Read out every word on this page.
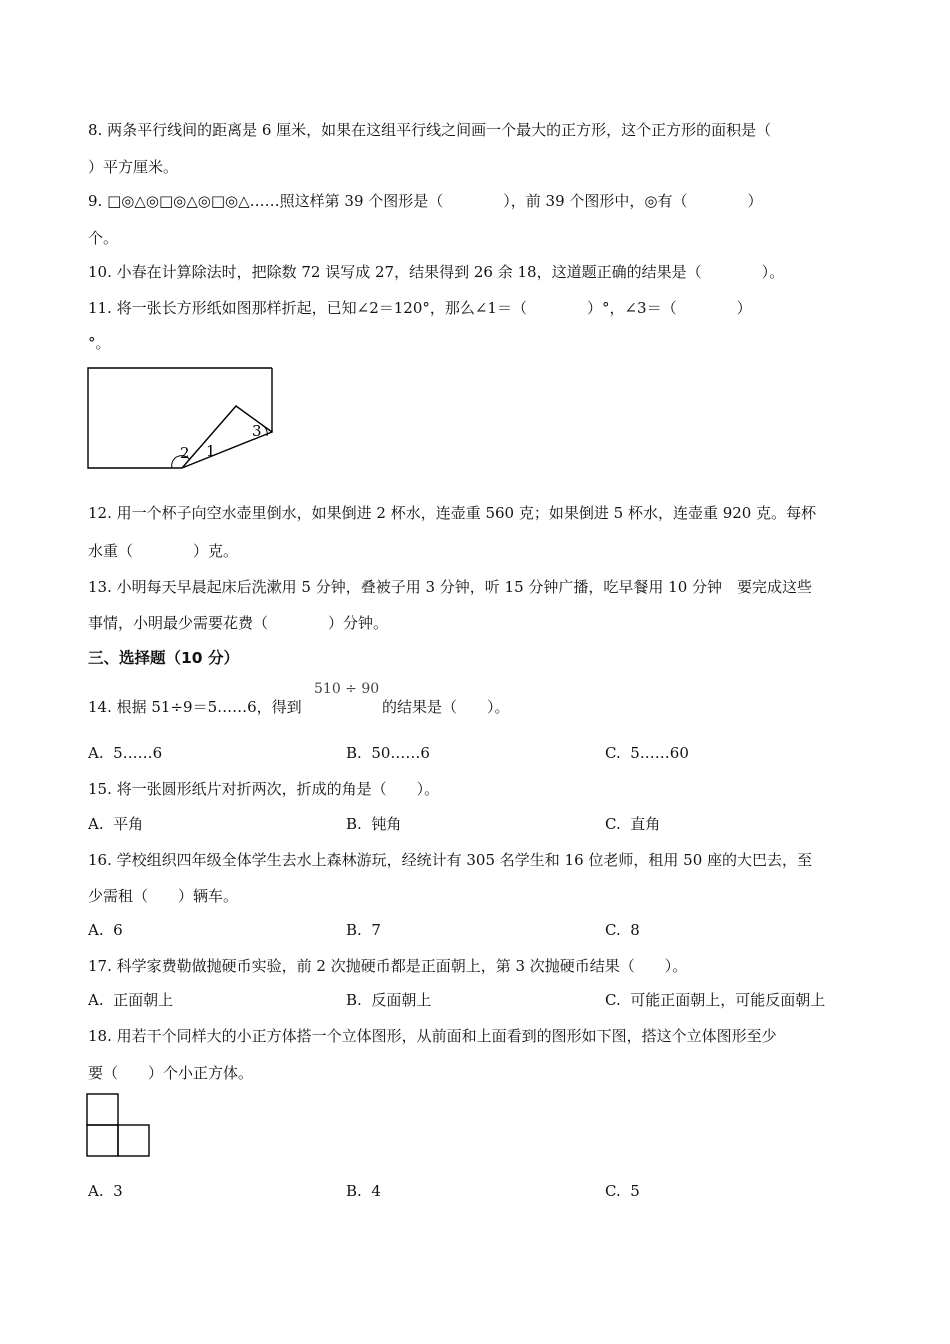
8. 两条平行线间的距离是 6 厘米，如果在这组平行线之间画一个最大的正方形，这个正方形的面积是（
）平方厘米。
9. □◎△◎□◎△◎□◎△……照这样第 39 个图形是（　　　　），前 39 个图形中，◎有（　　　　）
个。
10. 小春在计算除法时，把除数 72 误写成 27，结果得到 26 余 18，这道题正确的结果是（　　　　）。
11. 将一张长方形纸如图那样折起，已知∠2＝120°，那么∠1＝（　　　　）°，∠3＝（　　　　）
°。
2 1
3
12. 用一个杯子向空水壶里倒水，如果倒进 2 杯水，连壶重 560 克；如果倒进 5 杯水，连壶重 920 克。每杯
水重（　　　　）克。
13. 小明每天早晨起床后洗漱用 5 分钟，叠被子用 3 分钟，听 15 分钟广播，吃早餐用 10 分钟　要完成这些
事情，小明最少需要花费（　　　　）分钟。
三、选择题（10 分）
14. 根据 51÷9＝5……6，得到
510 ÷ 90
的结果是（　　）。
A.  5……6	B.  50……6	C.  5……60
15. 将一张圆形纸片对折两次，折成的角是（　　）。
A.  平角	B.  钝角	C.  直角
16. 学校组织四年级全体学生去水上森林游玩，经统计有 305 名学生和 16 位老师，租用 50 座的大巴去，至
少需租（　　）辆车。
A.  6	B.  7	C.  8
17. 科学家费勒做抛硬币实验，前 2 次抛硬币都是正面朝上，第 3 次抛硬币结果（　　）。
A.  正面朝上	B.  反面朝上	C.  可能正面朝上，可能反面朝上
18. 用若干个同样大的小正方体搭一个立体图形，从前面和上面看到的图形如下图，搭这个立体图形至少
要（　　）个小正方体。
A.  3	B.  4	C.  5
